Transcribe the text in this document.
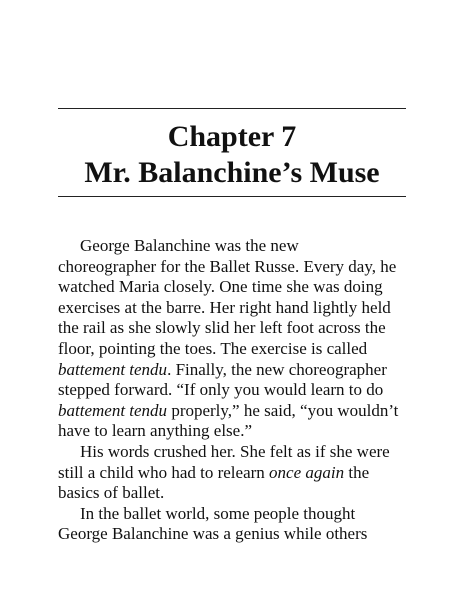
Chapter 7
Mr. Balanchine’s Muse
George Balanchine was the new
choreographer for the Ballet Russe. Every day, he
watched Maria closely. One time she was doing
exercises at the barre. Her right hand lightly held
the rail as she slowly slid her left foot across the
floor, pointing the toes. The exercise is called
battement tendu. Finally, the new choreographer
stepped forward. “If only you would learn to do
battement tendu properly,” he said, “you wouldn’t
have to learn anything else.”
His words crushed her. She felt as if she were
still a child who had to relearn once again the
basics of ballet.
In the ballet world, some people thought
George Balanchine was a genius while others
